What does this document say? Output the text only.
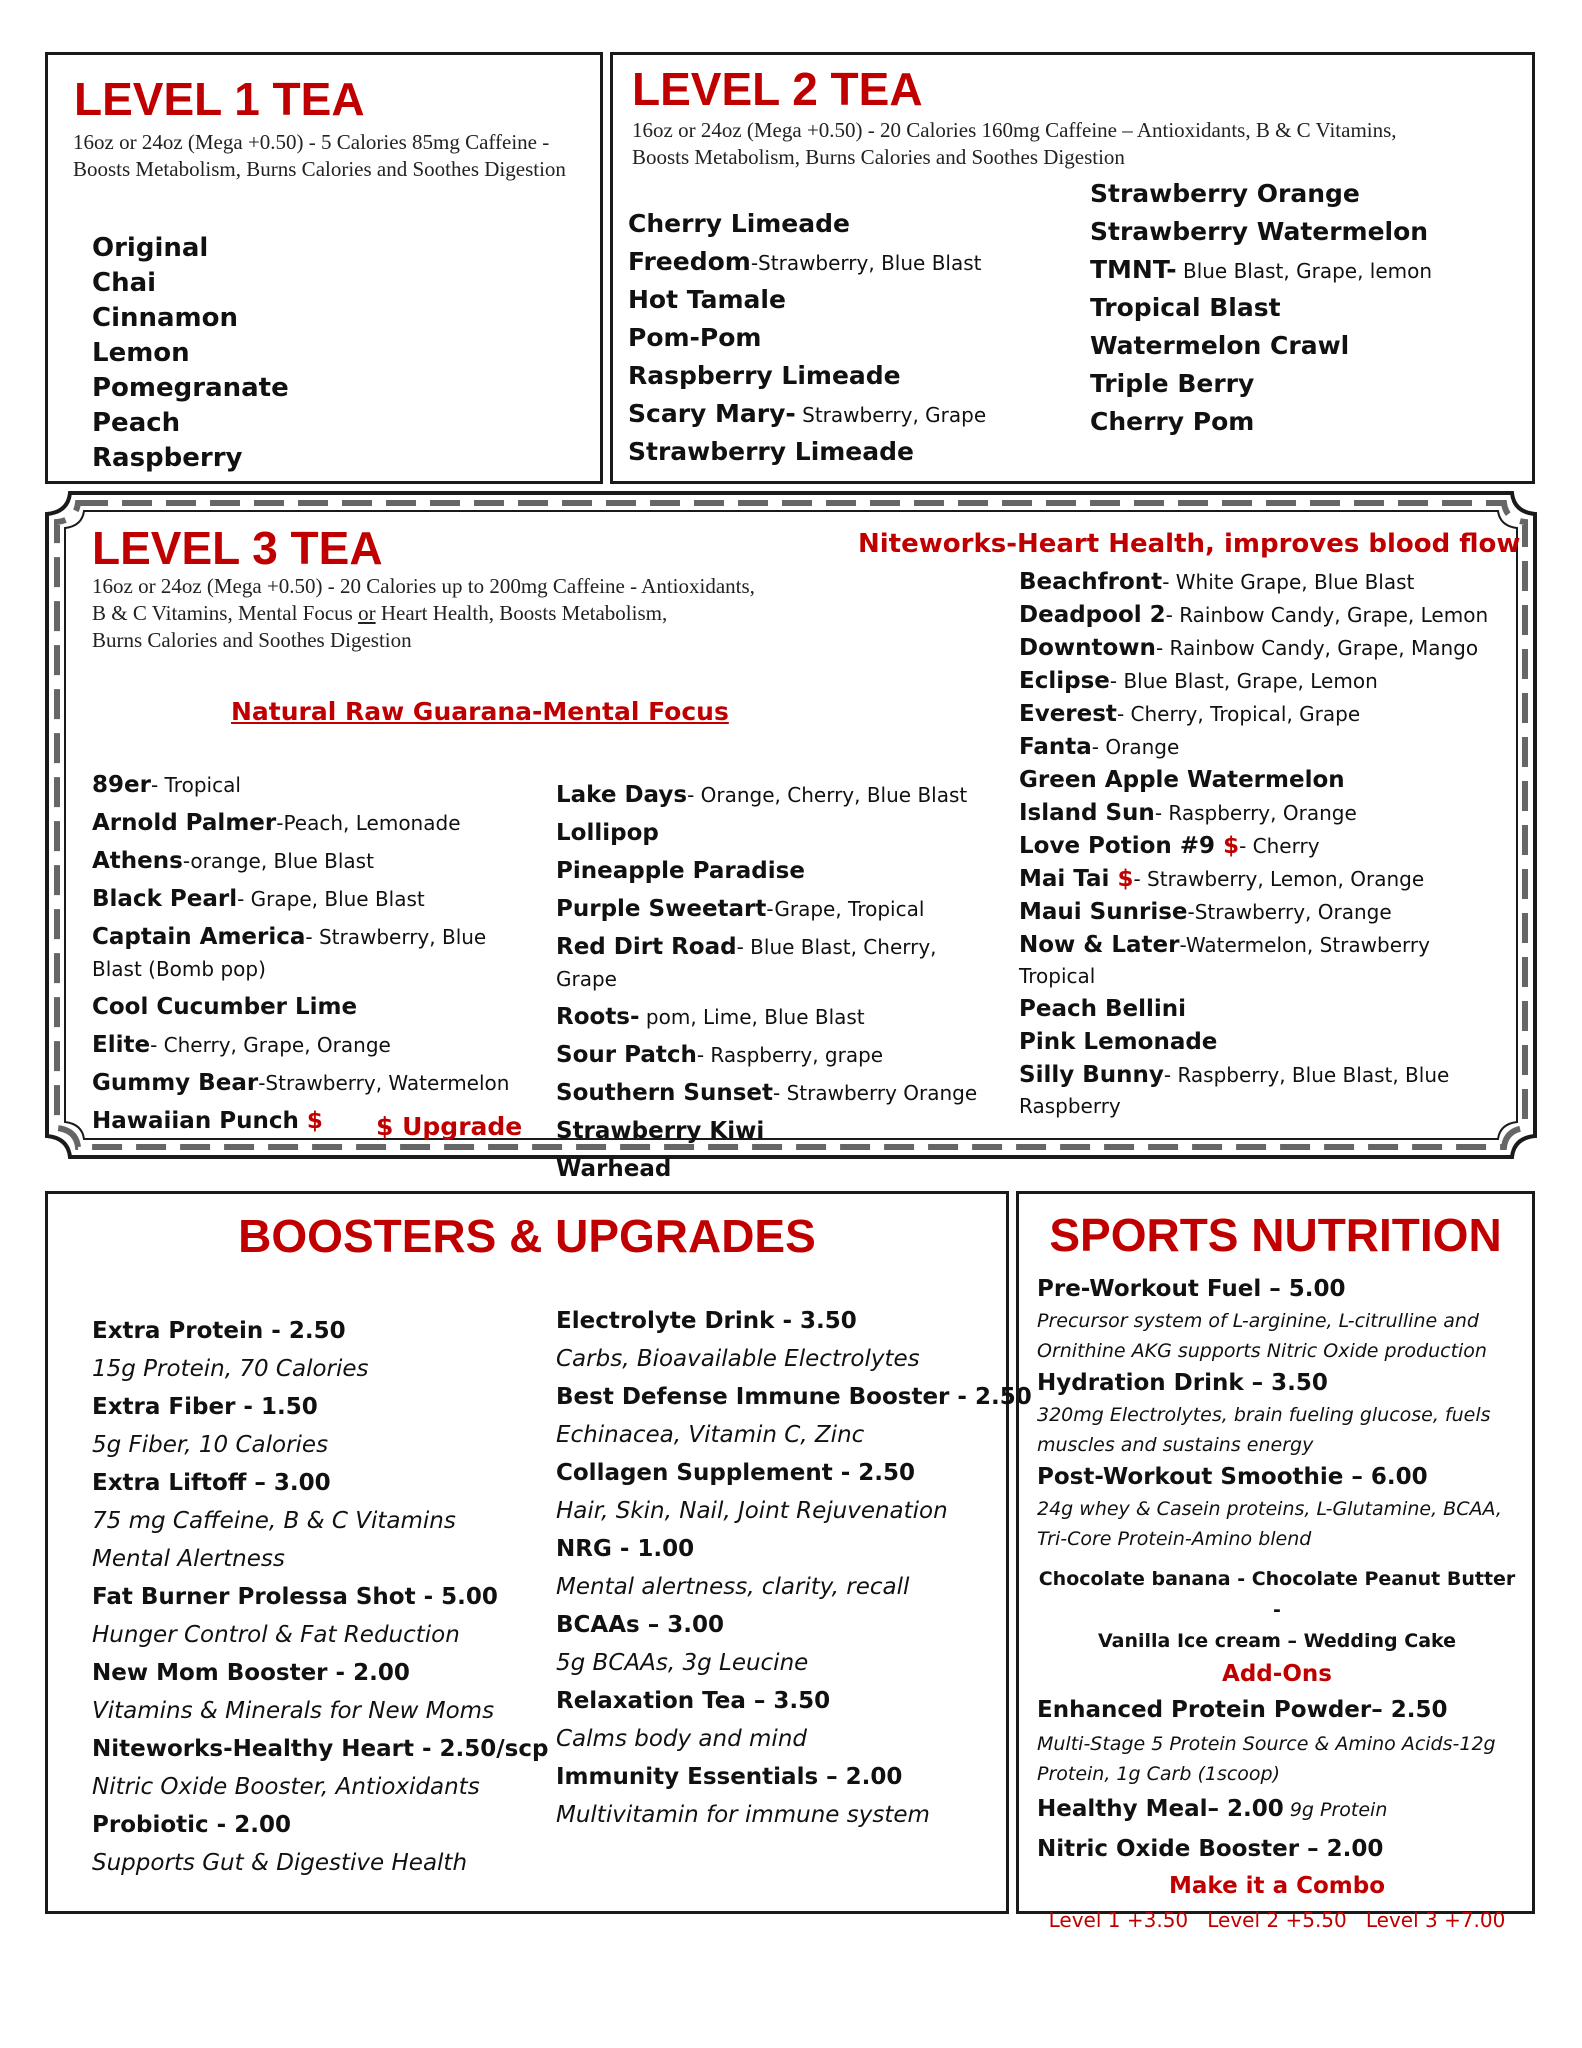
LEVEL 1 TEA

16oz or 24oz (Mega +0.50) - 5 Calories 85mg Caffeine - Boosts Metabolism, Burns Calories and Soothes Digestion

Original
Chai
Cinnamon
Lemon
Pomegranate
Peach
Raspberry
LEVEL 2 TEA

16oz or 24oz (Mega +0.50) - 20 Calories 160mg Caffeine – Antioxidants, B & C Vitamins, Boosts Metabolism, Burns Calories and Soothes Digestion

Cherry Limeade
Freedom-Strawberry, Blue Blast
Hot Tamale
Pom-Pom
Raspberry Limeade
Scary Mary- Strawberry, Grape
Strawberry Limeade
Strawberry Orange
Strawberry Watermelon
TMNT- Blue Blast, Grape, lemon
Tropical Blast
Watermelon Crawl
Triple Berry
Cherry Pom
LEVEL 3 TEA
16oz or 24oz (Mega +0.50) - 20 Calories up to 200mg Caffeine - Antioxidants,
B & C Vitamins, Mental Focus or Heart Health, Boosts Metabolism,
Burns Calories and Soothes Digestion
Natural Raw Guarana-Mental Focus
Niteworks-Heart Health, improves blood flow
89er- Tropical
Arnold Palmer-Peach, Lemonade
Athens-orange, Blue Blast
Black Pearl- Grape, Blue Blast
Captain America- Strawberry, Blue Blast (Bomb pop)
Cool Cucumber Lime
Elite- Cherry, Grape, Orange
Gummy Bear-Strawberry, Watermelon
Hawaiian Punch $
Lake Days- Orange, Cherry, Blue Blast
Lollipop
Pineapple Paradise
Purple Sweetart-Grape, Tropical
Red Dirt Road- Blue Blast, Cherry, Grape
Roots- pom, Lime, Blue Blast
Sour Patch- Raspberry, grape
Southern Sunset- Strawberry Orange
Strawberry Kiwi
Warhead
Beachfront- White Grape, Blue Blast
Deadpool 2- Rainbow Candy, Grape, Lemon
Downtown- Rainbow Candy, Grape, Mango
Eclipse- Blue Blast, Grape, Lemon
Everest- Cherry, Tropical, Grape
Fanta- Orange
Green Apple Watermelon
Island Sun- Raspberry, Orange
Love Potion #9 $- Cherry
Mai Tai $- Strawberry, Lemon, Orange
Maui Sunrise-Strawberry, Orange
Now & Later-Watermelon, Strawberry Tropical
Peach Bellini
Pink Lemonade
Silly Bunny- Raspberry, Blue Blast, Blue Raspberry
$ Upgrade
BOOSTERS & UPGRADES
Extra Protein - 2.50
15g Protein, 70 Calories
Extra Fiber - 1.50
5g Fiber, 10 Calories
Extra Liftoff – 3.00
75 mg Caffeine, B & C Vitamins
Mental Alertness
Fat Burner Prolessa Shot - 5.00
Hunger Control & Fat Reduction
New Mom Booster - 2.00
Vitamins & Minerals for New Moms
Niteworks-Healthy Heart - 2.50/scp
Nitric Oxide Booster, Antioxidants
Probiotic - 2.00
Supports Gut & Digestive Health
Electrolyte Drink - 3.50
Carbs, Bioavailable Electrolytes
Best Defense Immune Booster - 2.50
Echinacea, Vitamin C, Zinc
Collagen Supplement - 2.50
Hair, Skin, Nail, Joint Rejuvenation
NRG - 1.00
Mental alertness, clarity, recall
BCAAs – 3.00
5g BCAAs, 3g Leucine
Relaxation Tea – 3.50
Calms body and mind
Immunity Essentials – 2.00
Multivitamin for immune system
SPORTS NUTRITION
Pre-Workout Fuel – 5.00
Precursor system of L-arginine, L-citrulline and Ornithine AKG supports Nitric Oxide production
Hydration Drink – 3.50
320mg Electrolytes, brain fueling glucose, fuels muscles and sustains energy
Post-Workout Smoothie – 6.00
24g whey & Casein proteins, L-Glutamine, BCAA, Tri-Core Protein-Amino blend
Chocolate banana - Chocolate Peanut Butter -
Vanilla Ice cream – Wedding Cake
Add-Ons
Enhanced Protein Powder– 2.50
Multi-Stage 5 Protein Source & Amino Acids-12g Protein, 1g Carb (1scoop)
Healthy Meal– 2.00 9g Protein
Nitric Oxide Booster – 2.00
Make it a Combo
Level 1 +3.50 Level 2 +5.50 Level 3 +7.00
